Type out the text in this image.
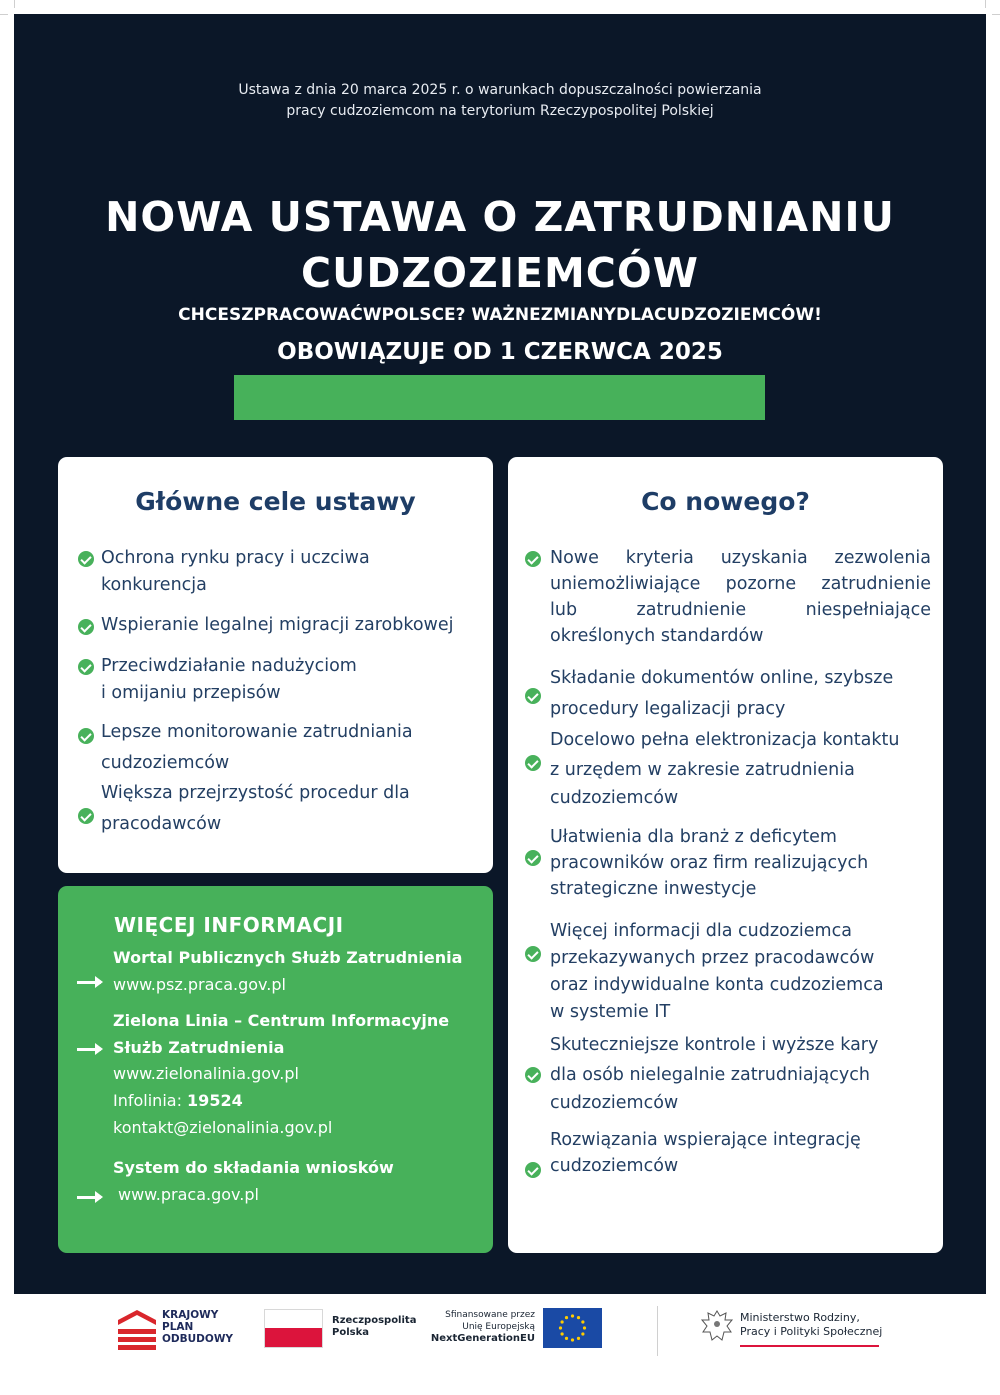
Ustawa z dnia 20 marca 2025 r. o warunkach dopuszczalności powierzania
pracy cudzoziemcom na terytorium Rzeczypospolitej Polskiej
NOWA USTAWA O ZATRUDNIANIU
CUDZOZIEMCÓW
CHCESZPRACOWAĆWPOLSCE? WAŻNEZMIANYDLACUDZOZIEMCÓW!
OBOWIĄZUJE OD 1 CZERWCA 2025
Główne cele ustawy
Ochrona rynku pracy i uczciwa
konkurencja
Wspieranie legalnej migracji zarobkowej
Przeciwdziałanie nadużyciom
i omijaniu przepisów
Lepsze monitorowanie zatrudniania
cudzoziemców
Większa przejrzystość procedur dla
pracodawców
Co nowego?
Nowe kryteria uzyskania zezwolenia
uniemożliwiające pozorne zatrudnienie
lub zatrudnienie niespełniające
określonych standardów
Składanie dokumentów online, szybsze
procedury legalizacji pracy
Docelowo pełna elektronizacja kontaktu
z urzędem w zakresie zatrudnienia
cudzoziemców
Ułatwienia dla branż z deficytem
pracowników oraz firm realizujących
strategiczne inwestycje
Więcej informacji dla cudzoziemca
przekazywanych przez pracodawców
oraz indywidualne konta cudzoziemca
w systemie IT
Skuteczniejsze kontrole i wyższe kary
dla osób nielegalnie zatrudniających
cudzoziemców
Rozwiązania wspierające integrację
cudzoziemców
WIĘCEJ INFORMACJI
Wortal Publicznych Służb Zatrudnienia
www.psz.praca.gov.pl
Zielona Linia – Centrum Informacyjne
Służb Zatrudnienia
www.zielonalinia.gov.pl
Infolinia: 19524
kontakt@zielonalinia.gov.pl
System do składania wniosków
www.praca.gov.pl
KRAJOWY
PLAN
ODBUDOWY
Rzeczpospolita
Polska
Sfinansowane przez
Unię Europejską
NextGenerationEU
Ministerstwo Rodziny,
Pracy i Polityki Społecznej
